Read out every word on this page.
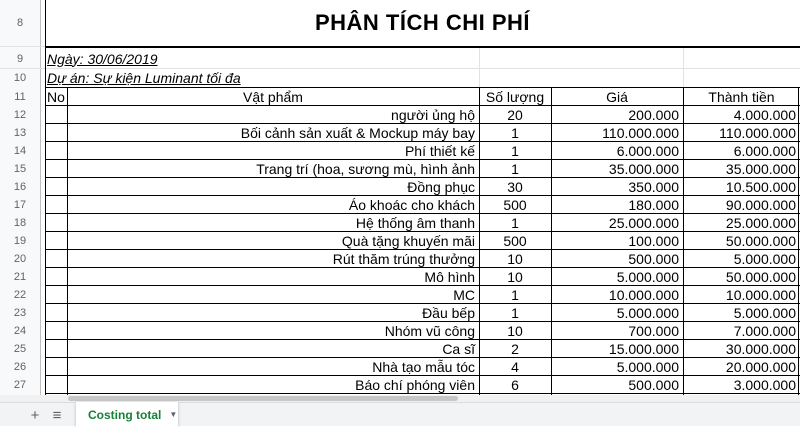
8	PHÂN TÍCH CHI PHÍ
9	Ngày: 30/06/2019
10	Dự án: Sự kiện Luminant tối đa
11	No	Vật phẩm	Số lượng	Giá	Thành tiền
12	người ủng hộ	20	200.000	4.000.000
13	Bối cảnh sản xuất & Mockup máy bay	1	110.000.000	110.000.000
14	Phí thiết kế	1	6.000.000	6.000.000
15	Trang trí (hoa, sương mù, hình ảnh	1	35.000.000	35.000.000
16	Đồng phục	30	350.000	10.500.000
17	Áo khoác cho khách	500	180.000	90.000.000
18	Hệ thống âm thanh	1	25.000.000	25.000.000
19	Quà tặng khuyến mãi	500	100.000	50.000.000
20	Rút thăm trúng thưởng	10	500.000	5.000.000
21	Mô hình	10	5.000.000	50.000.000
22	MC	1	10.000.000	10.000.000
23	Đầu bếp	1	5.000.000	5.000.000
24	Nhóm vũ công	10	700.000	7.000.000
25	Ca sĩ	2	15.000.000	30.000.000
26	Nhà tạo mẫu tóc	4	5.000.000	20.000.000
27	Báo chí phóng viên	6	500.000	3.000.000
+ ≡	Costing total ▼
